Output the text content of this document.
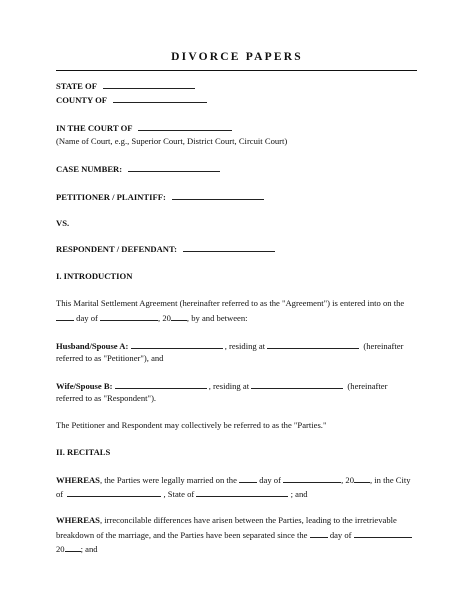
DIVORCE PAPERS
STATE OF
COUNTY OF
IN THE COURT OF
(Name of Court, e.g., Superior Court, District Court, Circuit Court)
CASE NUMBER:
PETITIONER / PLAINTIFF:
VS.
RESPONDENT / DEFENDANT:
I. INTRODUCTION
This Marital Settlement Agreement (hereinafter referred to as the "Agreement") is entered into on the
day of	, 20 , by and between:
Husband/Spouse A:	, residing at	(hereinafter
referred to as "Petitioner"), and
Wife/Spouse B:	, residing at	(hereinafter
referred to as "Respondent").
The Petitioner and Respondent may collectively be referred to as the "Parties."
II. RECITALS
WHEREAS, the Parties were legally married on the	day of	, 20 , in the City
of	, State of	; and
WHEREAS, irreconcilable differences have arisen between the Parties, leading to the irretrievable
breakdown of the marriage, and the Parties have been separated since the	day of
20 ; and
